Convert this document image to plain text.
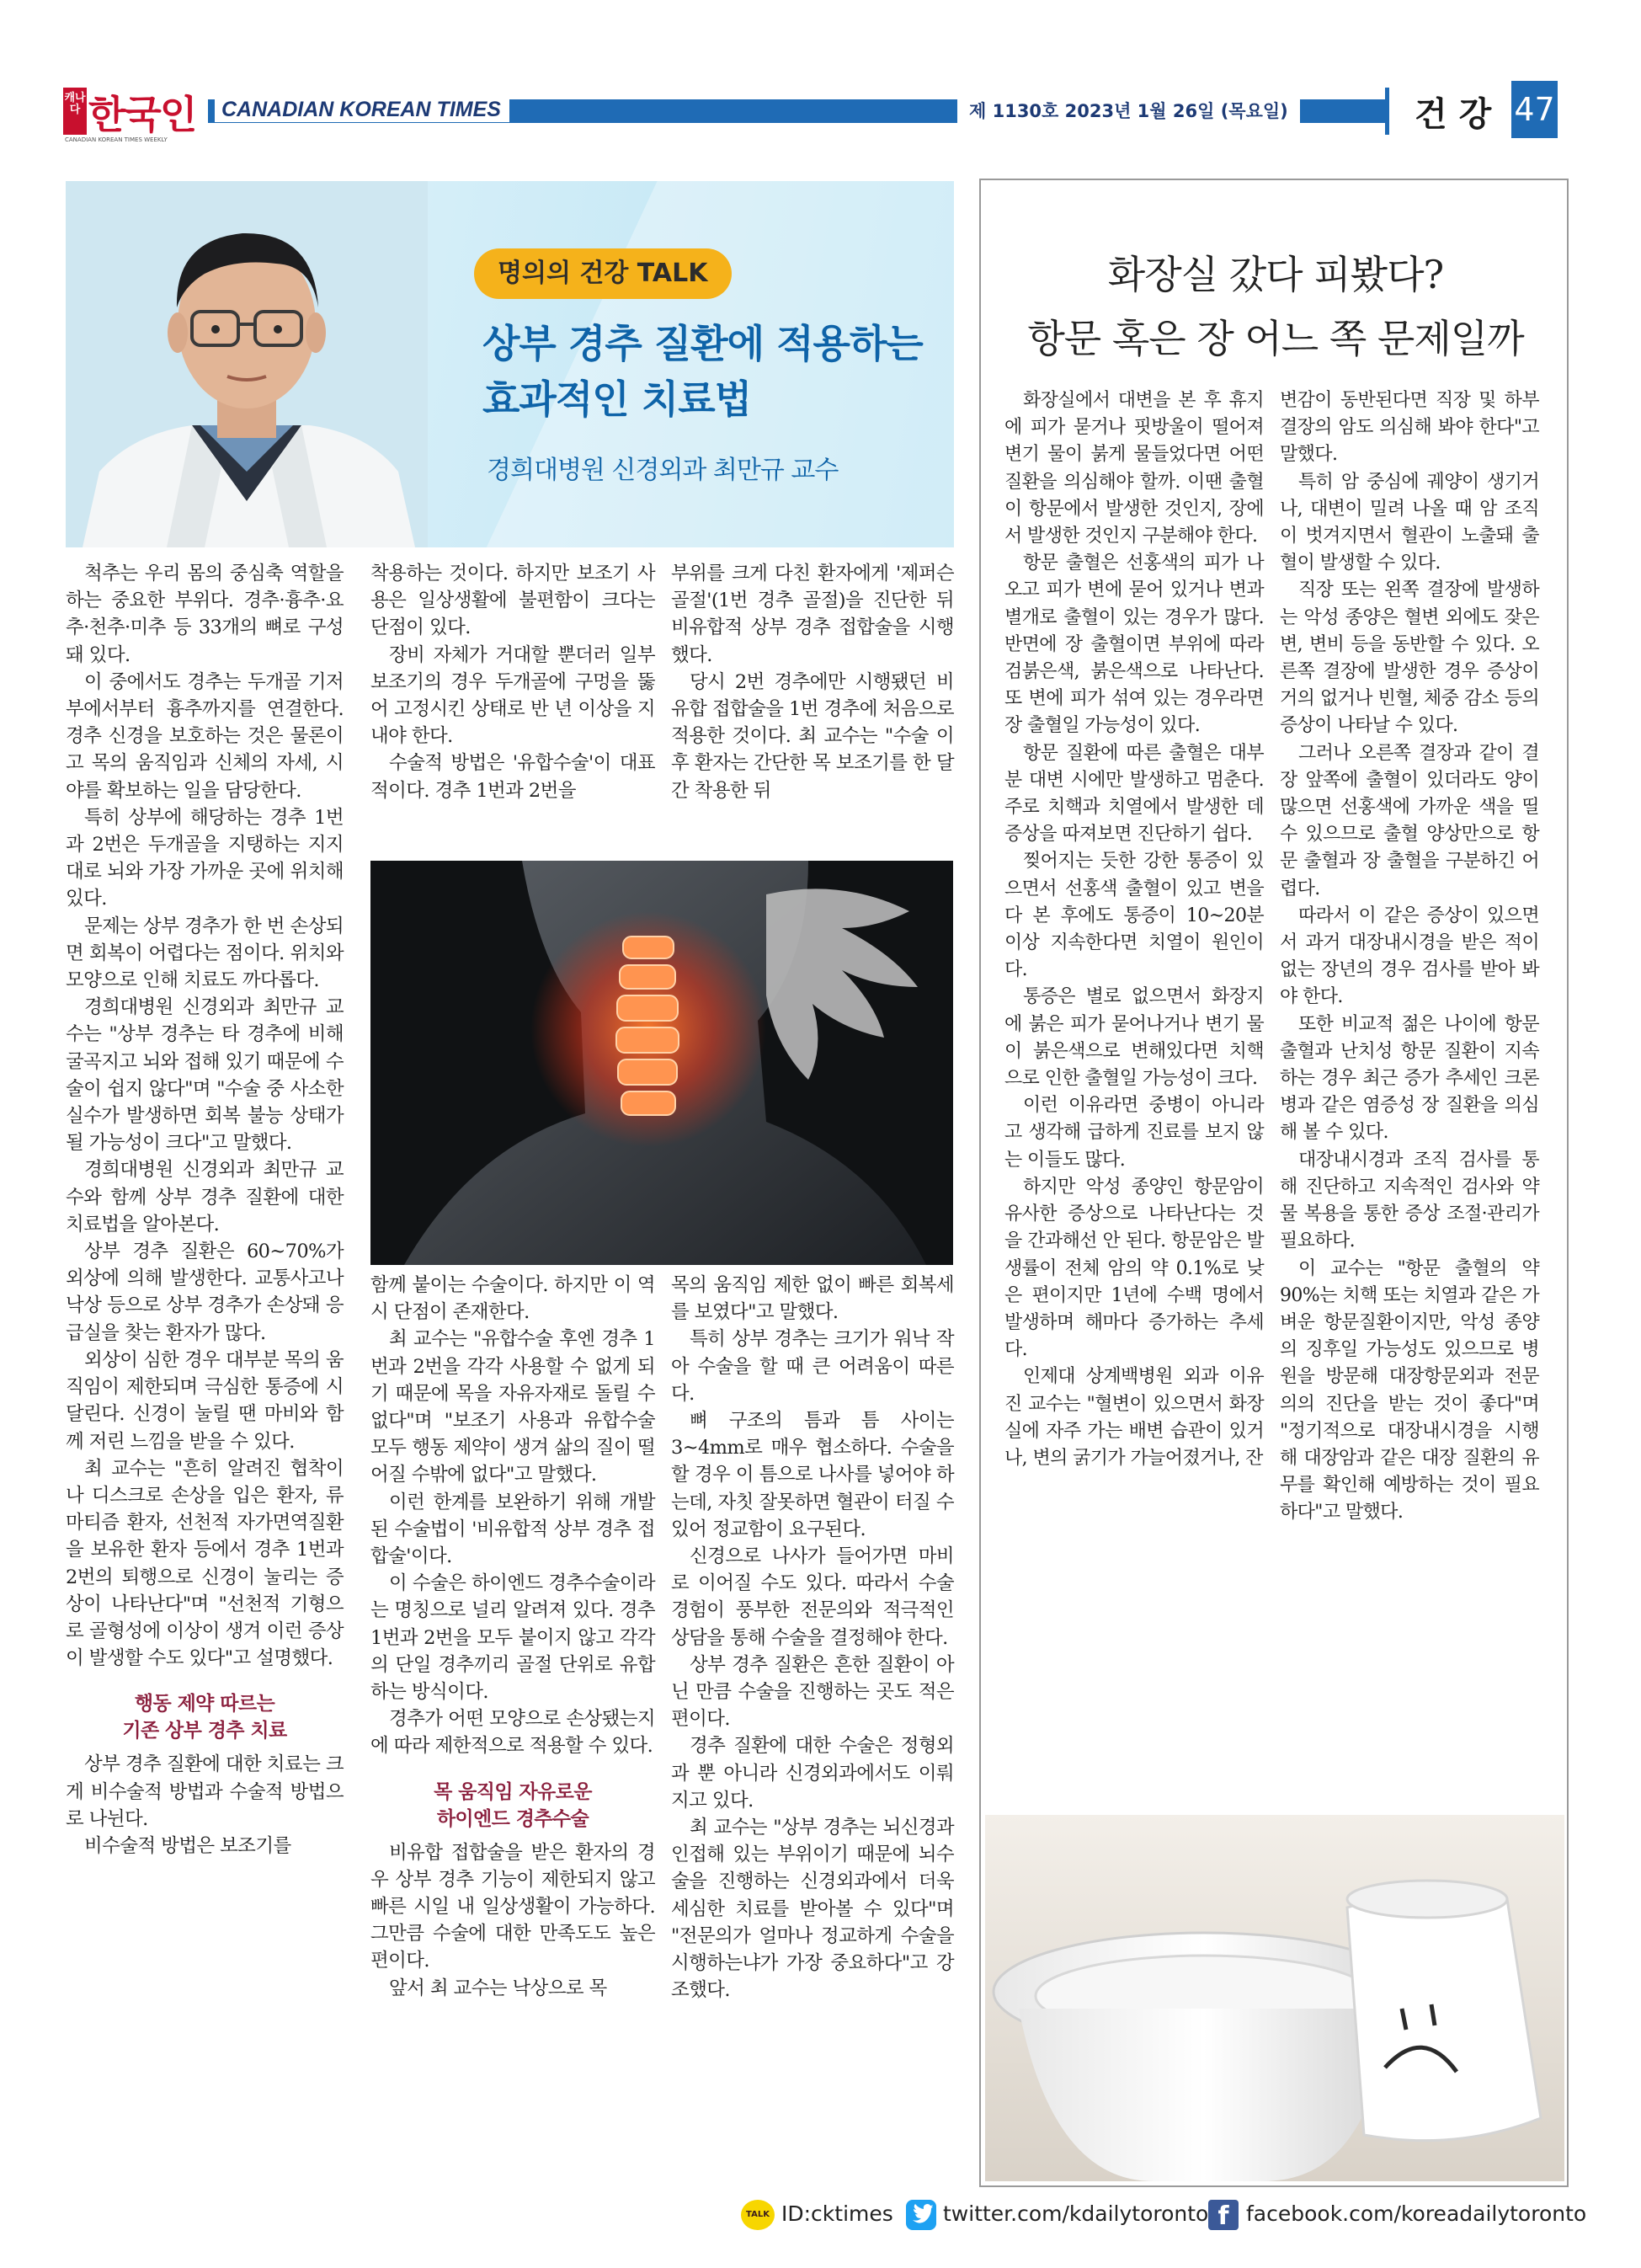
캐나다 한국인
CANADIAN KOREAN TIMES WEEKLY
CANADIAN KOREAN TIMES	제 1130호 2023년 1월 26일 (목요일)	건강 47
명의의 건강 TALK
상부 경추 질환에 적용하는
효과적인 치료법
경희대병원 신경외과 최만규 교수

척추는 우리 몸의 중심축 역할을 하는 중요한 부위다. 경추·흉추·요추·천추·미추 등 33개의 뼈로 구성돼 있다.

이 중에서도 경추는 두개골 기저부에서부터 흉추까지를 연결한다. 경추 신경을 보호하는 것은 물론이고 목의 움직임과 신체의 자세, 시야를 확보하는 일을 담당한다.

특히 상부에 해당하는 경추 1번과 2번은 두개골을 지탱하는 지지대로 뇌와 가장 가까운 곳에 위치해 있다.

문제는 상부 경추가 한 번 손상되면 회복이 어렵다는 점이다. 위치와 모양으로 인해 치료도 까다롭다.

경희대병원 신경외과 최만규 교수는 "상부 경추는 타 경추에 비해 굴곡지고 뇌와 접해 있기 때문에 수술이 쉽지 않다"며 "수술 중 사소한 실수가 발생하면 회복 불능 상태가 될 가능성이 크다"고 말했다.

경희대병원 신경외과 최만규 교수와 함께 상부 경추 질환에 대한 치료법을 알아본다.

상부 경추 질환은 60~70%가 외상에 의해 발생한다. 교통사고나 낙상 등으로 상부 경추가 손상돼 응급실을 찾는 환자가 많다.

외상이 심한 경우 대부분 목의 움직임이 제한되며 극심한 통증에 시달린다. 신경이 눌릴 땐 마비와 함께 저린 느낌을 받을 수 있다.

최 교수는 "흔히 알려진 협착이나 디스크로 손상을 입은 환자, 류마티즘 환자, 선천적 자가면역질환을 보유한 환자 등에서 경추 1번과 2번의 퇴행으로 신경이 눌리는 증상이 나타난다"며 "선천적 기형으로 골형성에 이상이 생겨 이런 증상이 발생할 수도 있다"고 설명했다.

행동 제약 따르는
기존 상부 경추 치료

상부 경추 질환에 대한 치료는 크게 비수술적 방법과 수술적 방법으로 나뉜다.

비수술적 방법은 보조기를

착용하는 것이다. 하지만 보조기 사용은 일상생활에 불편함이 크다는 단점이 있다.

장비 자체가 거대할 뿐더러 일부 보조기의 경우 두개골에 구멍을 뚫어 고정시킨 상태로 반 년 이상을 지내야 한다.

수술적 방법은 '유합수술'이 대표적이다. 경추 1번과 2번을

부위를 크게 다친 환자에게 '제퍼슨 골절'(1번 경추 골절)을 진단한 뒤 비유합적 상부 경추 접합술을 시행했다.

당시 2번 경추에만 시행됐던 비유합 접합술을 1번 경추에 처음으로 적용한 것이다. 최 교수는 "수술 이후 환자는 간단한 목 보조기를 한 달간 착용한 뒤

함께 붙이는 수술이다. 하지만 이 역시 단점이 존재한다.

최 교수는 "유합수술 후엔 경추 1번과 2번을 각각 사용할 수 없게 되기 때문에 목을 자유자재로 돌릴 수 없다"며 "보조기 사용과 유합수술 모두 행동 제약이 생겨 삶의 질이 떨어질 수밖에 없다"고 말했다.

이런 한계를 보완하기 위해 개발된 수술법이 '비유합적 상부 경추 접합술'이다.

이 수술은 하이엔드 경추수술이라는 명칭으로 널리 알려져 있다. 경추 1번과 2번을 모두 붙이지 않고 각각의 단일 경추끼리 골절 단위로 유합하는 방식이다.

경추가 어떤 모양으로 손상됐는지에 따라 제한적으로 적용할 수 있다.

목 움직임 자유로운
하이엔드 경추수술

비유합 접합술을 받은 환자의 경우 상부 경추 기능이 제한되지 않고 빠른 시일 내 일상생활이 가능하다. 그만큼 수술에 대한 만족도도 높은 편이다.

앞서 최 교수는 낙상으로 목

목의 움직임 제한 없이 빠른 회복세를 보였다"고 말했다.

특히 상부 경추는 크기가 워낙 작아 수술을 할 때 큰 어려움이 따른다.

뼈 구조의 틈과 틈 사이는 3~4mm로 매우 협소하다. 수술을 할 경우 이 틈으로 나사를 넣어야 하는데, 자칫 잘못하면 혈관이 터질 수 있어 정교함이 요구된다.

신경으로 나사가 들어가면 마비로 이어질 수도 있다. 따라서 수술 경험이 풍부한 전문의와 적극적인 상담을 통해 수술을 결정해야 한다.

상부 경추 질환은 흔한 질환이 아닌 만큼 수술을 진행하는 곳도 적은 편이다.

경추 질환에 대한 수술은 정형외과 뿐 아니라 신경외과에서도 이뤄지고 있다.

최 교수는 "상부 경추는 뇌신경과 인접해 있는 부위이기 때문에 뇌수술을 진행하는 신경외과에서 더욱 세심한 치료를 받아볼 수 있다"며 "전문의가 얼마나 정교하게 수술을 시행하는냐가 가장 중요하다"고 강조했다.

화장실 갔다 피봤다?
항문 혹은 장 어느 쪽 문제일까

화장실에서 대변을 본 후 휴지에 피가 묻거나 핏방울이 떨어져 변기 물이 붉게 물들었다면 어떤 질환을 의심해야 할까. 이땐 출혈이 항문에서 발생한 것인지, 장에서 발생한 것인지 구분해야 한다.

항문 출혈은 선홍색의 피가 나오고 피가 변에 묻어 있거나 변과 별개로 출혈이 있는 경우가 많다. 반면에 장 출혈이면 부위에 따라 검붉은색, 붉은색으로 나타난다. 또 변에 피가 섞여 있는 경우라면 장 출혈일 가능성이 있다.

항문 질환에 따른 출혈은 대부분 대변 시에만 발생하고 멈춘다. 주로 치핵과 치열에서 발생한 데 증상을 따져보면 진단하기 쉽다.

찢어지는 듯한 강한 통증이 있으면서 선홍색 출혈이 있고 변을 다 본 후에도 통증이 10~20분 이상 지속한다면 치열이 원인이다.

통증은 별로 없으면서 화장지에 붉은 피가 묻어나거나 변기 물이 붉은색으로 변해있다면 치핵으로 인한 출혈일 가능성이 크다.

이런 이유라면 중병이 아니라고 생각해 급하게 진료를 보지 않는 이들도 많다.

하지만 악성 종양인 항문암이 유사한 증상으로 나타난다는 것을 간과해선 안 된다. 항문암은 발생률이 전체 암의 약 0.1%로 낮은 편이지만 1년에 수백 명에서 발생하며 해마다 증가하는 추세다.

인제대 상계백병원 외과 이유진 교수는 "혈변이 있으면서 화장실에 자주 가는 배변 습관이 있거나, 변의 굵기가 가늘어졌거나, 잔

변감이 동반된다면 직장 및 하부 결장의 암도 의심해 봐야 한다"고 말했다.

특히 암 중심에 궤양이 생기거나, 대변이 밀려 나올 때 암 조직이 벗겨지면서 혈관이 노출돼 출혈이 발생할 수 있다.

직장 또는 왼쪽 결장에 발생하는 악성 종양은 혈변 외에도 잦은 변, 변비 등을 동반할 수 있다. 오른쪽 결장에 발생한 경우 증상이 거의 없거나 빈혈, 체중 감소 등의 증상이 나타날 수 있다.

그러나 오른쪽 결장과 같이 결장 앞쪽에 출혈이 있더라도 양이 많으면 선홍색에 가까운 색을 띨 수 있으므로 출혈 양상만으로 항문 출혈과 장 출혈을 구분하긴 어렵다.

따라서 이 같은 증상이 있으면서 과거 대장내시경을 받은 적이 없는 장년의 경우 검사를 받아 봐야 한다.

또한 비교적 젊은 나이에 항문 출혈과 난치성 항문 질환이 지속하는 경우 최근 증가 추세인 크론병과 같은 염증성 장 질환을 의심해 볼 수 있다.

대장내시경과 조직 검사를 통해 진단하고 지속적인 검사와 약물 복용을 통한 증상 조절·관리가 필요하다.

이 교수는 "항문 출혈의 약 90%는 치핵 또는 치열과 같은 가벼운 항문질환이지만, 악성 종양의 징후일 가능성도 있으므로 병원을 방문해 대장항문외과 전문의의 진단을 받는 것이 좋다"며 "정기적으로 대장내시경을 시행해 대장암과 같은 대장 질환의 유무를 확인해 예방하는 것이 필요하다"고 말했다.

TALK ID:cktimes twitter.com/kdailytoronto f facebook.com/koreadailytoronto
